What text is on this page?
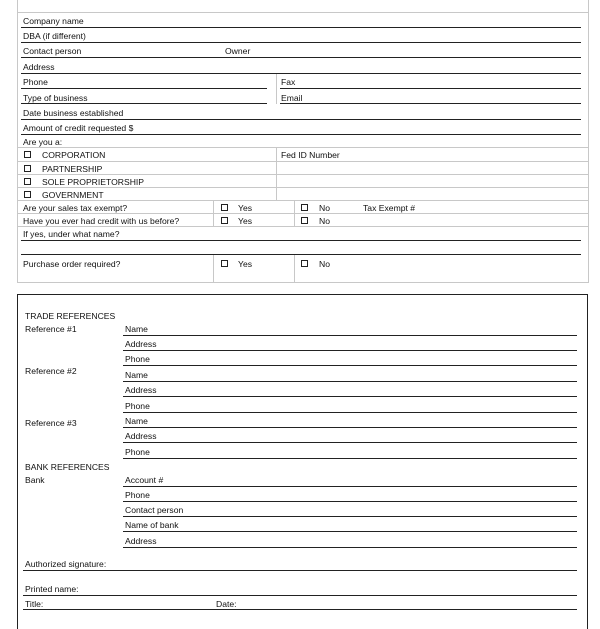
Company name
DBA (if different)
Contact person	Owner
Address
Phone	Fax
Type of business	Email
Date business established
Amount of credit requested $
Are you a:
CORPORATION	Fed ID Number
PARTNERSHIP
SOLE PROPRIETORSHIP
GOVERNMENT
Are your sales tax exempt?	Yes	No	Tax Exempt #
Have you ever had credit with us before?	Yes	No
If yes, under what name?
Purchase order required?	Yes	No
TRADE REFERENCES
Reference #1	Name
Address
Phone
Reference #2	Name
Address
Phone
Reference #3	Name
Address
Phone
BANK REFERENCES
Bank	Account #
Phone
Contact person
Name of bank
Address
Authorized signature:
Printed name:
Title:	Date:
